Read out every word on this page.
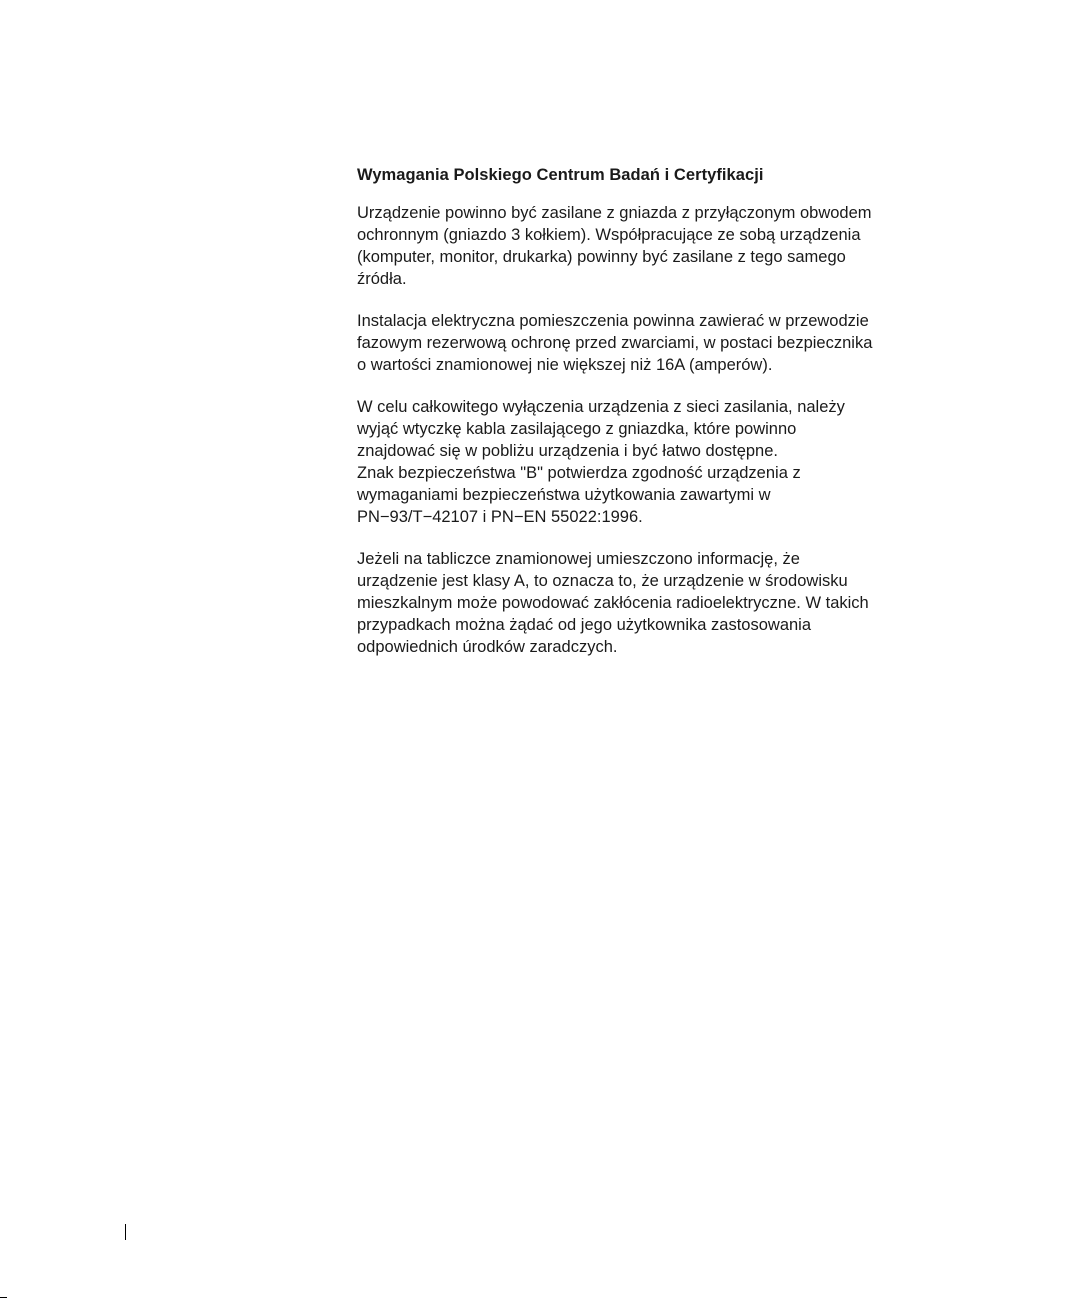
Wymagania Polskiego Centrum Badań i Certyfikacji

Urządzenie powinno być zasilane z gniazda z przyłączonym obwodem
ochronnym (gniazdo 3 kołkiem). Współpracujące ze sobą urządzenia
(komputer, monitor, drukarka) powinny być zasilane z tego samego
źródła.

Instalacja elektryczna pomieszczenia powinna zawierać w przewodzie
fazowym rezerwową ochronę przed zwarciami, w postaci bezpiecznika
o wartości znamionowej nie większej niż 16A (amperów).

W celu całkowitego wyłączenia urządzenia z sieci zasilania, należy
wyjąć wtyczkę kabla zasilającego z gniazdka, które powinno
znajdować się w pobliżu urządzenia i być łatwo dostępne.
Znak bezpieczeństwa "B" potwierdza zgodność urządzenia z
wymaganiami bezpieczeństwa użytkowania zawartymi w
PN−93/T−42107 i PN−EN 55022:1996.

Jeżeli na tabliczce znamionowej umieszczono informację, że
urządzenie jest klasy A, to oznacza to, że urządzenie w środowisku
mieszkalnym może powodować zakłócenia radioelektryczne. W takich
przypadkach można żądać od jego użytkownika zastosowania
odpowiednich úrodków zaradczych.
